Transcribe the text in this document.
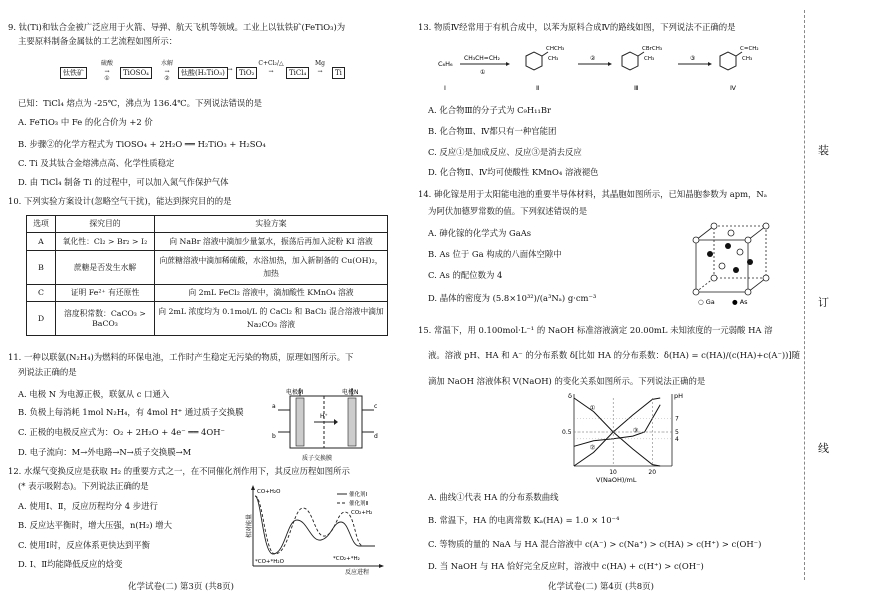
9. 钛(Ti)和钛合金被广泛应用于火箭、导弹、航天飞机等领域。工业上以钛铁矿(FeTiO₃)为
主要原料制备金属钛的工艺流程如图所示：
钛铁矿
硫酸
→
①
TiOSO₄
水解
→
②
钛酸(H₂TiO₃) → TiO₂
C+Cl₂/△
→	TiCl₄
Mg
→	Ti
已知：TiCl₄ 熔点为 -25℃，沸点为 136.4℃。下列说法错误的是
A. FeTiO₃ 中 Fe 的化合价为 +2 价
B. 步骤②的化学方程式为 TiOSO₄ + 2H₂O ══ H₂TiO₃ + H₂SO₄
C. Ti 及其钛合金熔沸点高、化学性质稳定
D. 由 TiCl₄ 制备 Ti 的过程中，可以加入氮气作保护气体
10. 下列实验方案设计(忽略空气干扰)，能达到探究目的的是
选项	探究目的	实验方案
A	氧化性：Cl₂ > Br₂ > I₂	向 NaBr 溶液中滴加少量氯水，振荡后再加入淀粉 KI 溶液
B	蔗糖是否发生水解	向蔗糖溶液中滴加稀硫酸，水浴加热，加入新制备的 Cu(OH)₂，加热
C	证明 Fe²⁺ 有还原性	向 2mL FeCl₂ 溶液中，滴加酸性 KMnO₄ 溶液
D	溶度积常数：CaCO₃ > BaCO₃	向 2mL 浓度均为 0.1mol/L 的 CaCl₂ 和 BaCl₂ 混合溶液中滴加 Na₂CO₃ 溶液
11. 一种以联氨(N₂H₄)为燃料的环保电池，工作时产生稳定无污染的物质，原理如图所示。下
列说法正确的是
A. 电极 N 为电源正极，联氨从 c 口通入
B. 负极上每消耗 1mol N₂H₄，有 4mol H⁺ 通过质子交换膜
C. 正极的电极反应式为：O₂ + 2H₂O + 4e⁻ ══ 4OH⁻
D. 电子流向：M→外电路→N→质子交换膜→M
电极M	电极N
质子交换膜
H⁺
a
b
c
d
12. 水煤气变换反应是获取 H₂ 的重要方式之一，在不同催化剂作用下，其反应历程如图所示
(* 表示吸附态)。下列说法正确的是
A. 使用Ⅰ、Ⅱ，反应历程均分 4 步进行
B. 反应达平衡时，增大压强，n(H₂) 增大
C. 使用Ⅰ时，反应体系更快达到平衡
D. Ⅰ、Ⅱ均能降低反应的焓变
相对能量
反应进程
CO+H₂O
CO₂+H₂
*CO+*H₂O	*CO₂+*H₂
催化剂Ⅰ
催化剂Ⅱ
化学试卷(二) 第3页 (共8页)
13. 物质Ⅳ经常用于有机合成中，以苯为原料合成Ⅳ的路线如图，下列说法不正确的是
C₆H₆
CH₃CH=CH₂
①
Ⅰ
CHCH₃
CH₃
Ⅱ
②
CBrCH₃
CH₃
Ⅲ
③
C=CH₂
CH₃
Ⅳ
A. 化合物Ⅲ的分子式为 C₉H₁₁Br
B. 化合物Ⅲ、Ⅳ都只有一种官能团
C. 反应①是加成反应、反应③是消去反应
D. 化合物Ⅱ、Ⅳ均可使酸性 KMnO₄ 溶液褪色
14. 砷化镓是用于太阳能电池的重要半导体材料，其晶胞如图所示，已知晶胞参数为 apm，Nₐ
为阿伏加德罗常数的值。下列叙述错误的是
A. 砷化镓的化学式为 GaAs
B. As 位于 Ga 构成的八面体空隙中
C. As 的配位数为 4
D. 晶体的密度为 (5.8×10³²)/(a³Nₐ) g·cm⁻³	○ Ga	● As
15. 常温下，用 0.100mol·L⁻¹ 的 NaOH 标准溶液滴定 20.00mL 未知浓度的一元弱酸 HA 溶
液。溶液 pH、HA 和 A⁻ 的分布系数 δ[比如 HA 的分布系数：δ(HA) = c(HA)/(c(HA)+c(A⁻))]随
滴加 NaOH 溶液体积 V(NaOH) 的变化关系如图所示。下列说法正确的是
δ	pH
V(NaOH)/mL
①
②
③
10	20
0.5
4
5
7
A. 曲线①代表 HA 的分布系数曲线
B. 常温下，HA 的电离常数 Kₐ(HA) = 1.0 × 10⁻⁴
C. 等物质的量的 NaA 与 HA 混合溶液中 c(A⁻) > c(Na⁺) > c(HA) > c(H⁺) > c(OH⁻)
D. 当 NaOH 与 HA 恰好完全反应时，溶液中 c(HA) + c(H⁺) > c(OH⁻)
化学试卷(二) 第4页 (共8页)
装
订
线
